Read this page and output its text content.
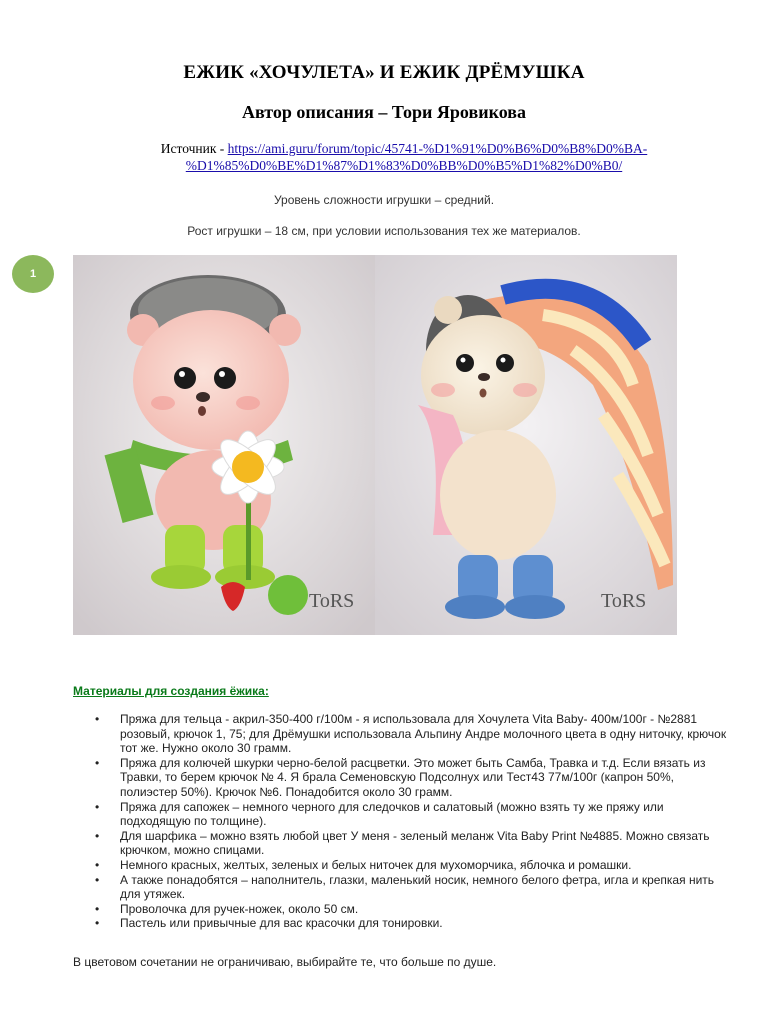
ЕЖИК «ХОЧУЛЕТА» И ЕЖИК ДРЁМУШКА
Автор описания – Тори Яровикова
Источник - https://ami.guru/forum/topic/45741-%D1%91%D0%B6%D0%B8%D0%BA-%D1%85%D0%BE%D1%87%D1%83%D0%BB%D0%B5%D1%82%D0%B0/
Уровень сложности игрушки – средний.
Рост игрушки – 18 см, при условии использования тех же материалов.
1
ToRS	ToRS
Материалы для создания ёжика:
• Пряжа для тельца - акрил-350-400 г/100м - я использовала для Хочулета Vita Baby- 400м/100г - №2881 розовый, крючок 1, 75; для Дрёмушки использовала Альпину Андре молочного цвета в одну ниточку, крючок тот же. Нужно около 30 грамм.
• Пряжа для колючей шкурки черно-белой расцветки. Это может быть Самба, Травка и т.д. Если вязать из Травки, то берем крючок № 4. Я брала Семеновскую Подсолнух или Тест43 77м/100г (капрон 50%, полиэстер 50%). Крючок №6. Понадобится около 30 грамм.
• Пряжа для сапожек – немного черного для следочков и салатовый (можно взять ту же пряжу или подходящую по толщине).
• Для шарфика – можно взять любой цвет У меня - зеленый меланж Vita Baby Print №4885. Можно связать крючком, можно спицами.
• Немного красных, желтых, зеленых и белых ниточек для мухоморчика, яблочка и ромашки.
• А также понадобятся – наполнитель, глазки, маленький носик, немного белого фетра, игла и крепкая нить для утяжек.
• Проволочка для ручек-ножек, около 50 см.
• Пастель или привычные для вас красочки для тонировки.
В цветовом сочетании не ограничиваю, выбирайте те, что больше по душе.
